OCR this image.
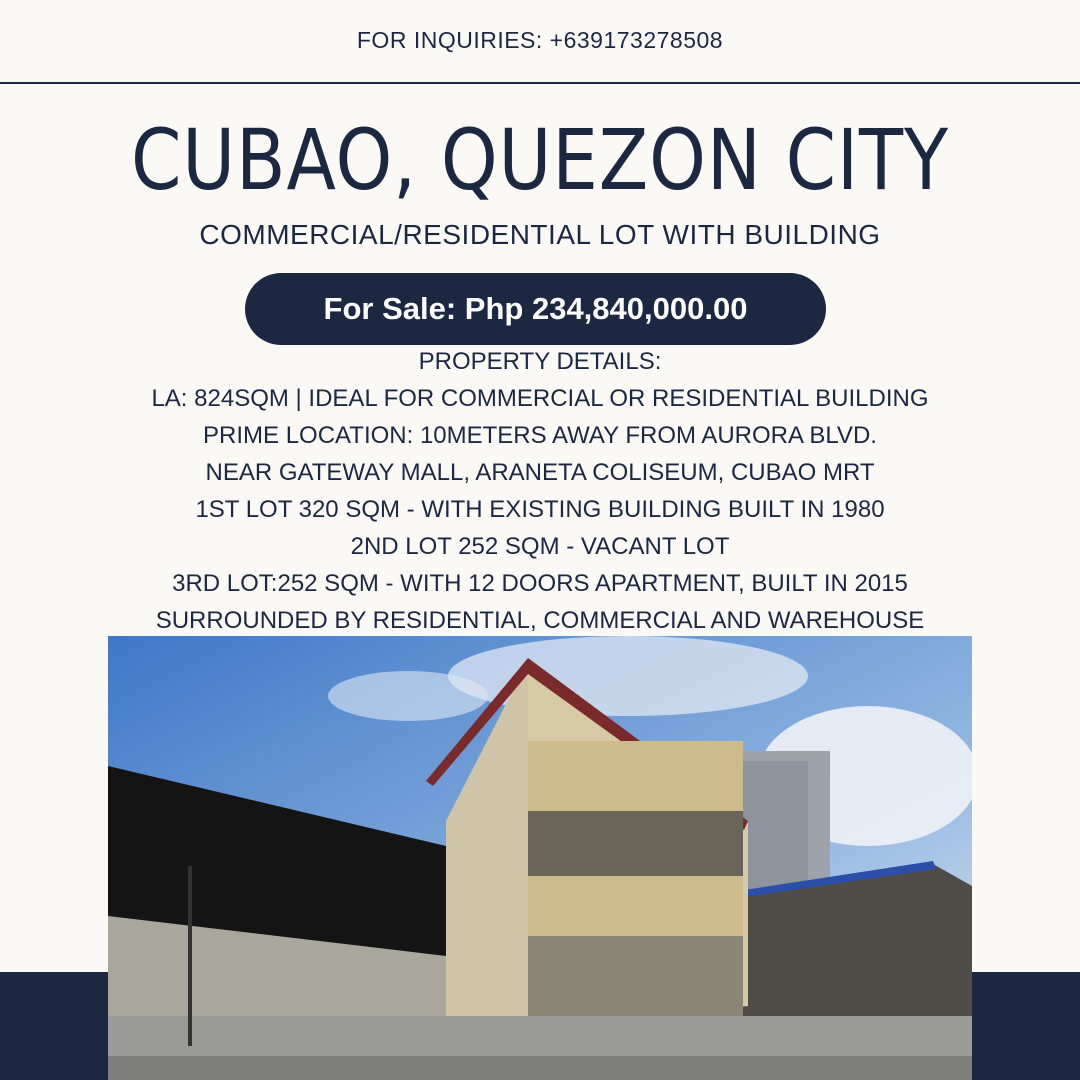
FOR INQUIRIES: +639173278508
CUBAO, QUEZON CITY
COMMERCIAL/RESIDENTIAL LOT WITH BUILDING
For Sale: Php 234,840,000.00
PROPERTY DETAILS:
LA: 824SQM | IDEAL FOR COMMERCIAL OR RESIDENTIAL BUILDING
PRIME LOCATION: 10METERS AWAY FROM AURORA BLVD.
NEAR GATEWAY MALL, ARANETA COLISEUM, CUBAO MRT
1ST LOT 320 SQM - WITH EXISTING BUILDING BUILT IN 1980
2ND LOT 252 SQM - VACANT LOT
3RD LOT:252 SQM - WITH 12 DOORS APARTMENT, BUILT IN 2015
SURROUNDED BY RESIDENTIAL, COMMERCIAL AND WAREHOUSE
